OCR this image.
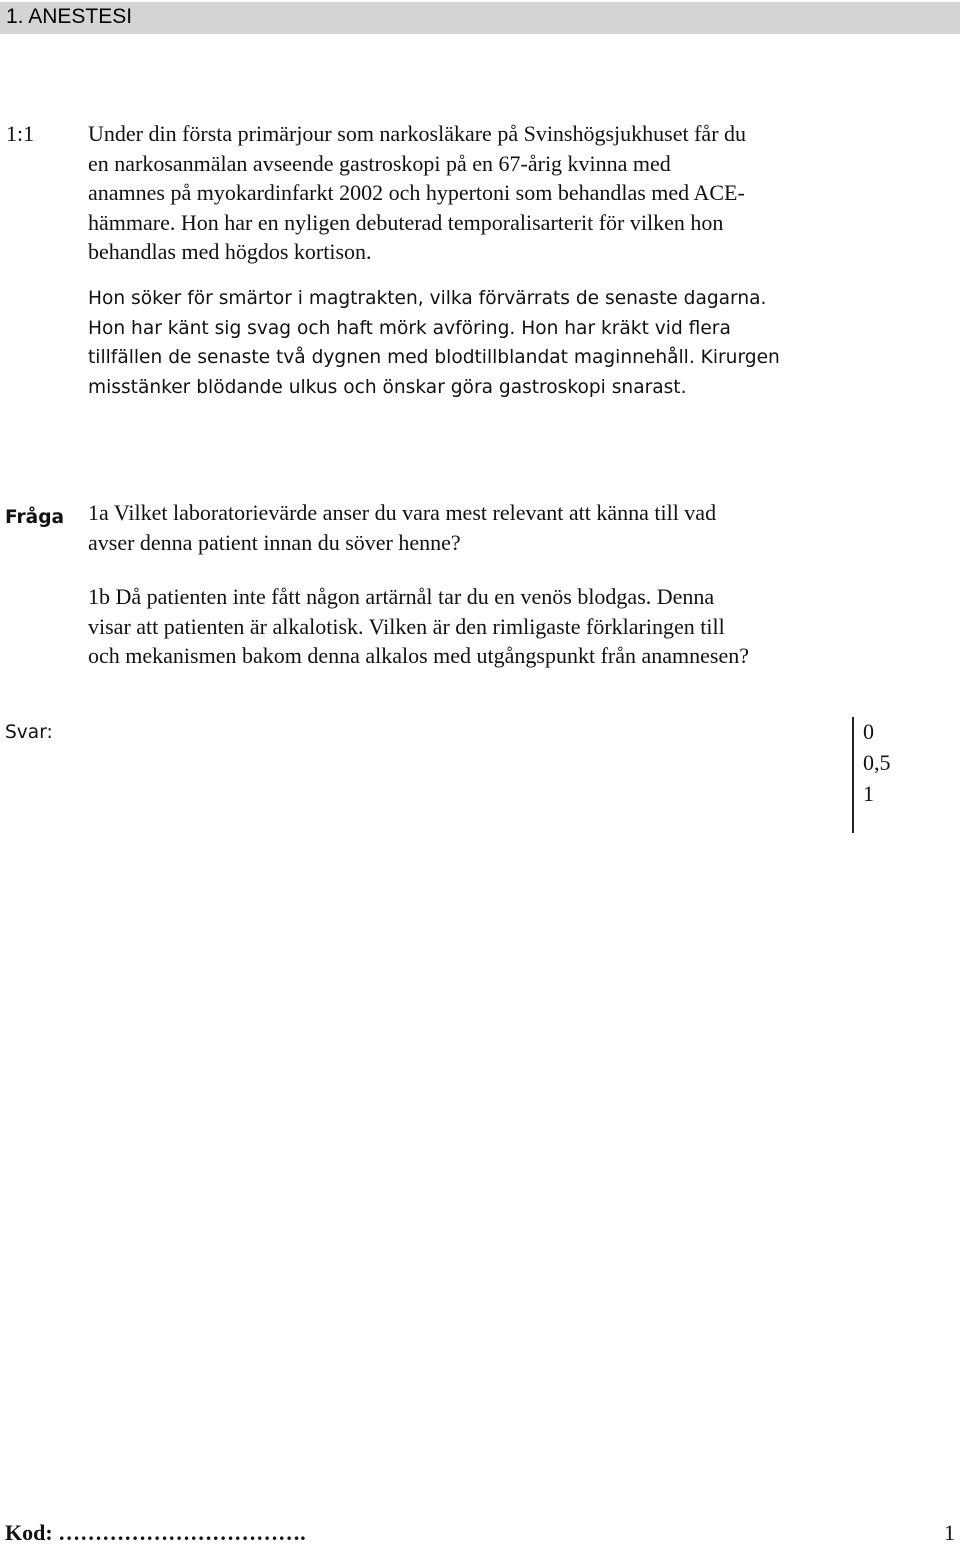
1. ANESTESI
1:1 Under din första primärjour som narkosläkare på Svinshögsjukhuset får du
en narkosanmälan avseende gastroskopi på en 67-årig kvinna med
anamnes på myokardinfarkt 2002 och hypertoni som behandlas med ACE-
hämmare. Hon har en nyligen debuterad temporalisarterit för vilken hon
behandlas med högdos kortison.
Hon söker för smärtor i magtrakten, vilka förvärrats de senaste dagarna.
Hon har känt sig svag och haft mörk avföring. Hon har kräkt vid flera
tillfällen de senaste två dygnen med blodtillblandat maginnehåll. Kirurgen
misstänker blödande ulkus och önskar göra gastroskopi snarast.
Fråga 1a Vilket laboratorievärde anser du vara mest relevant att känna till vad
avser denna patient innan du söver henne?
1b Då patienten inte fått någon artärnål tar du en venös blodgas. Denna
visar att patienten är alkalotisk. Vilken är den rimligaste förklaringen till
och mekanismen bakom denna alkalos med utgångspunkt från anamnesen?
Svar:	0
0,5
1
Kod: …………………………….	1
